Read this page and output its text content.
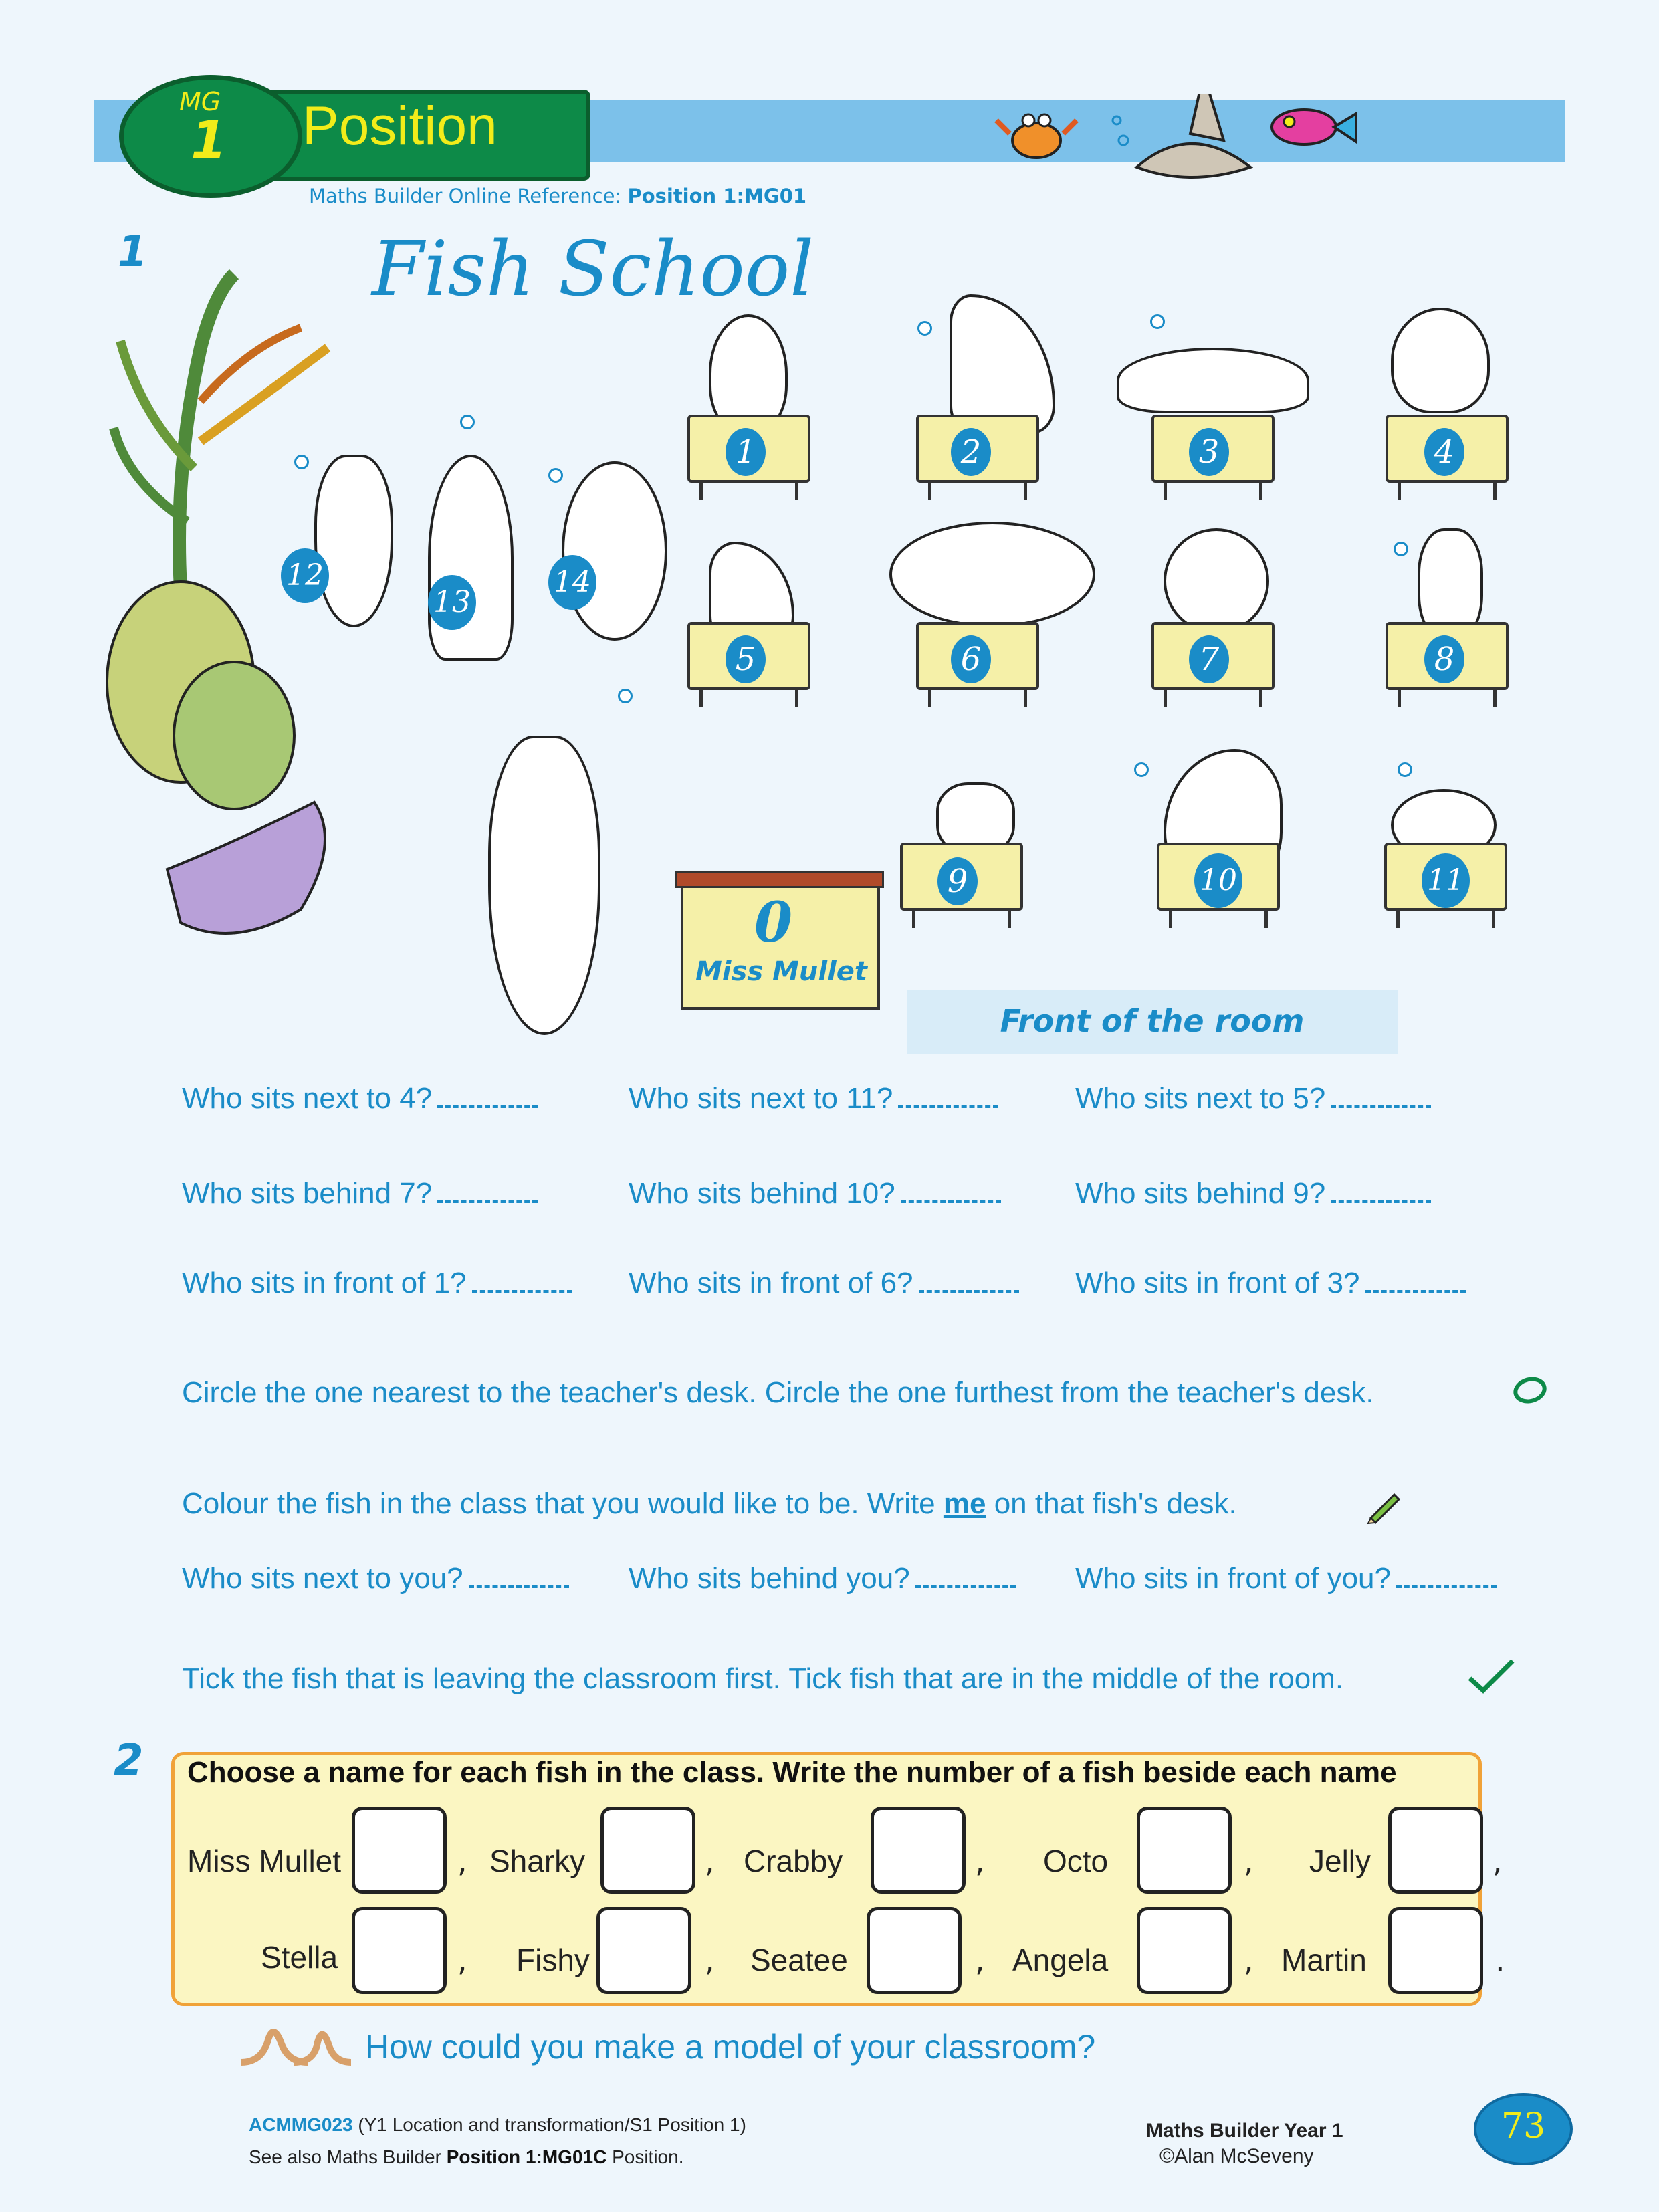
MG
1 Position
Maths Builder Online Reference: Position 1:MG01
1	Fish School
1	2	3	4
5	6	7	8
9	10	11
12
13
14
0
Miss Mullet
Front of the room
Who sits next to 4?	Who sits next to 11?	Who sits next to 5?
Who sits behind 7?	Who sits behind 10?	Who sits behind 9?
Who sits in front of 1?	Who sits in front of 6?	Who sits in front of 3?
Circle the one nearest to the teacher's desk. Circle the one furthest from the teacher's desk.
Colour the fish in the class that you would like to be. Write me on that fish's desk.
Who sits next to you?	Who sits behind you?	Who sits in front of you?
Tick the fish that is leaving the classroom first. Tick fish that are in the middle of the room.
2 Choose a name for each fish in the class. Write the number of a fish beside each name
Miss Mullet	, Sharky	, Crabby	, Octo	, Jelly	,
Stella	, Fishy	, Seatee	, Angela	, Martin	.
How could you make a model of your classroom?
ACMMG023 (Y1 Location and transformation/S1 Position 1)
See also Maths Builder Position 1:MG01C Position.
Maths Builder Year 1
©Alan McSeveny
73
